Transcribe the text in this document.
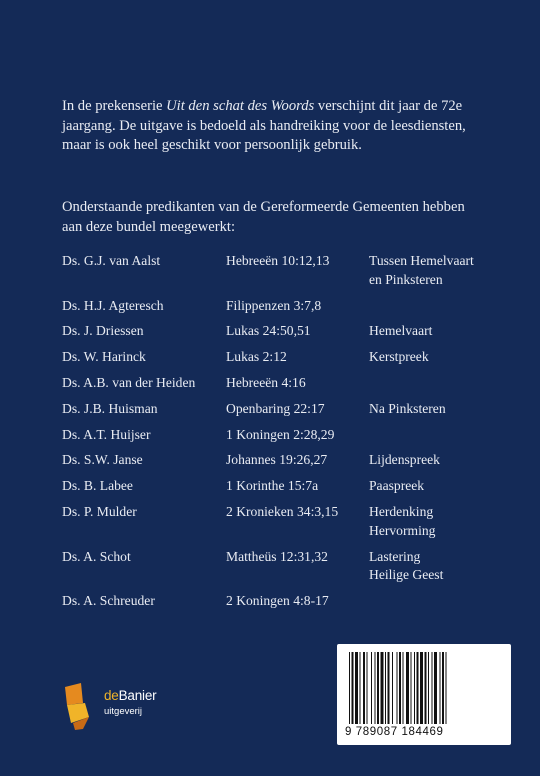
In de prekenserie Uit den schat des Woords verschijnt dit jaar de 72e jaargang. De uitgave is bedoeld als handreiking voor de leesdiensten, maar is ook heel geschikt voor persoonlijk gebruik.

Onderstaande predikanten van de Gereformeerde Gemeenten hebben aan deze bundel meegewerkt:

Ds. G.J. van Aalst	Hebreeën 10:12,13	Tussen Hemelvaart
en Pinksteren
Ds. H.J. Agteresch	Filippenzen 3:7,8
Ds. J. Driessen	Lukas 24:50,51	Hemelvaart
Ds. W. Harinck	Lukas 2:12	Kerstpreek
Ds. A.B. van der Heiden Hebreeën 4:16
Ds. J.B. Huisman	Openbaring 22:17	Na Pinksteren
Ds. A.T. Huijser	1 Koningen 2:28,29
Ds. S.W. Janse	Johannes 19:26,27	Lijdenspreek
Ds. B. Labee	1 Korinthe 15:7a	Paaspreek
Ds. P. Mulder	2 Kronieken 34:3,15 Herdenking
Hervorming
Ds. A. Schot	Mattheüs 12:31,32	Lastering
Heilige Geest
Ds. A. Schreuder	2 Koningen 4:8-17
9 789087 184469
deBanier
uitgeverij
